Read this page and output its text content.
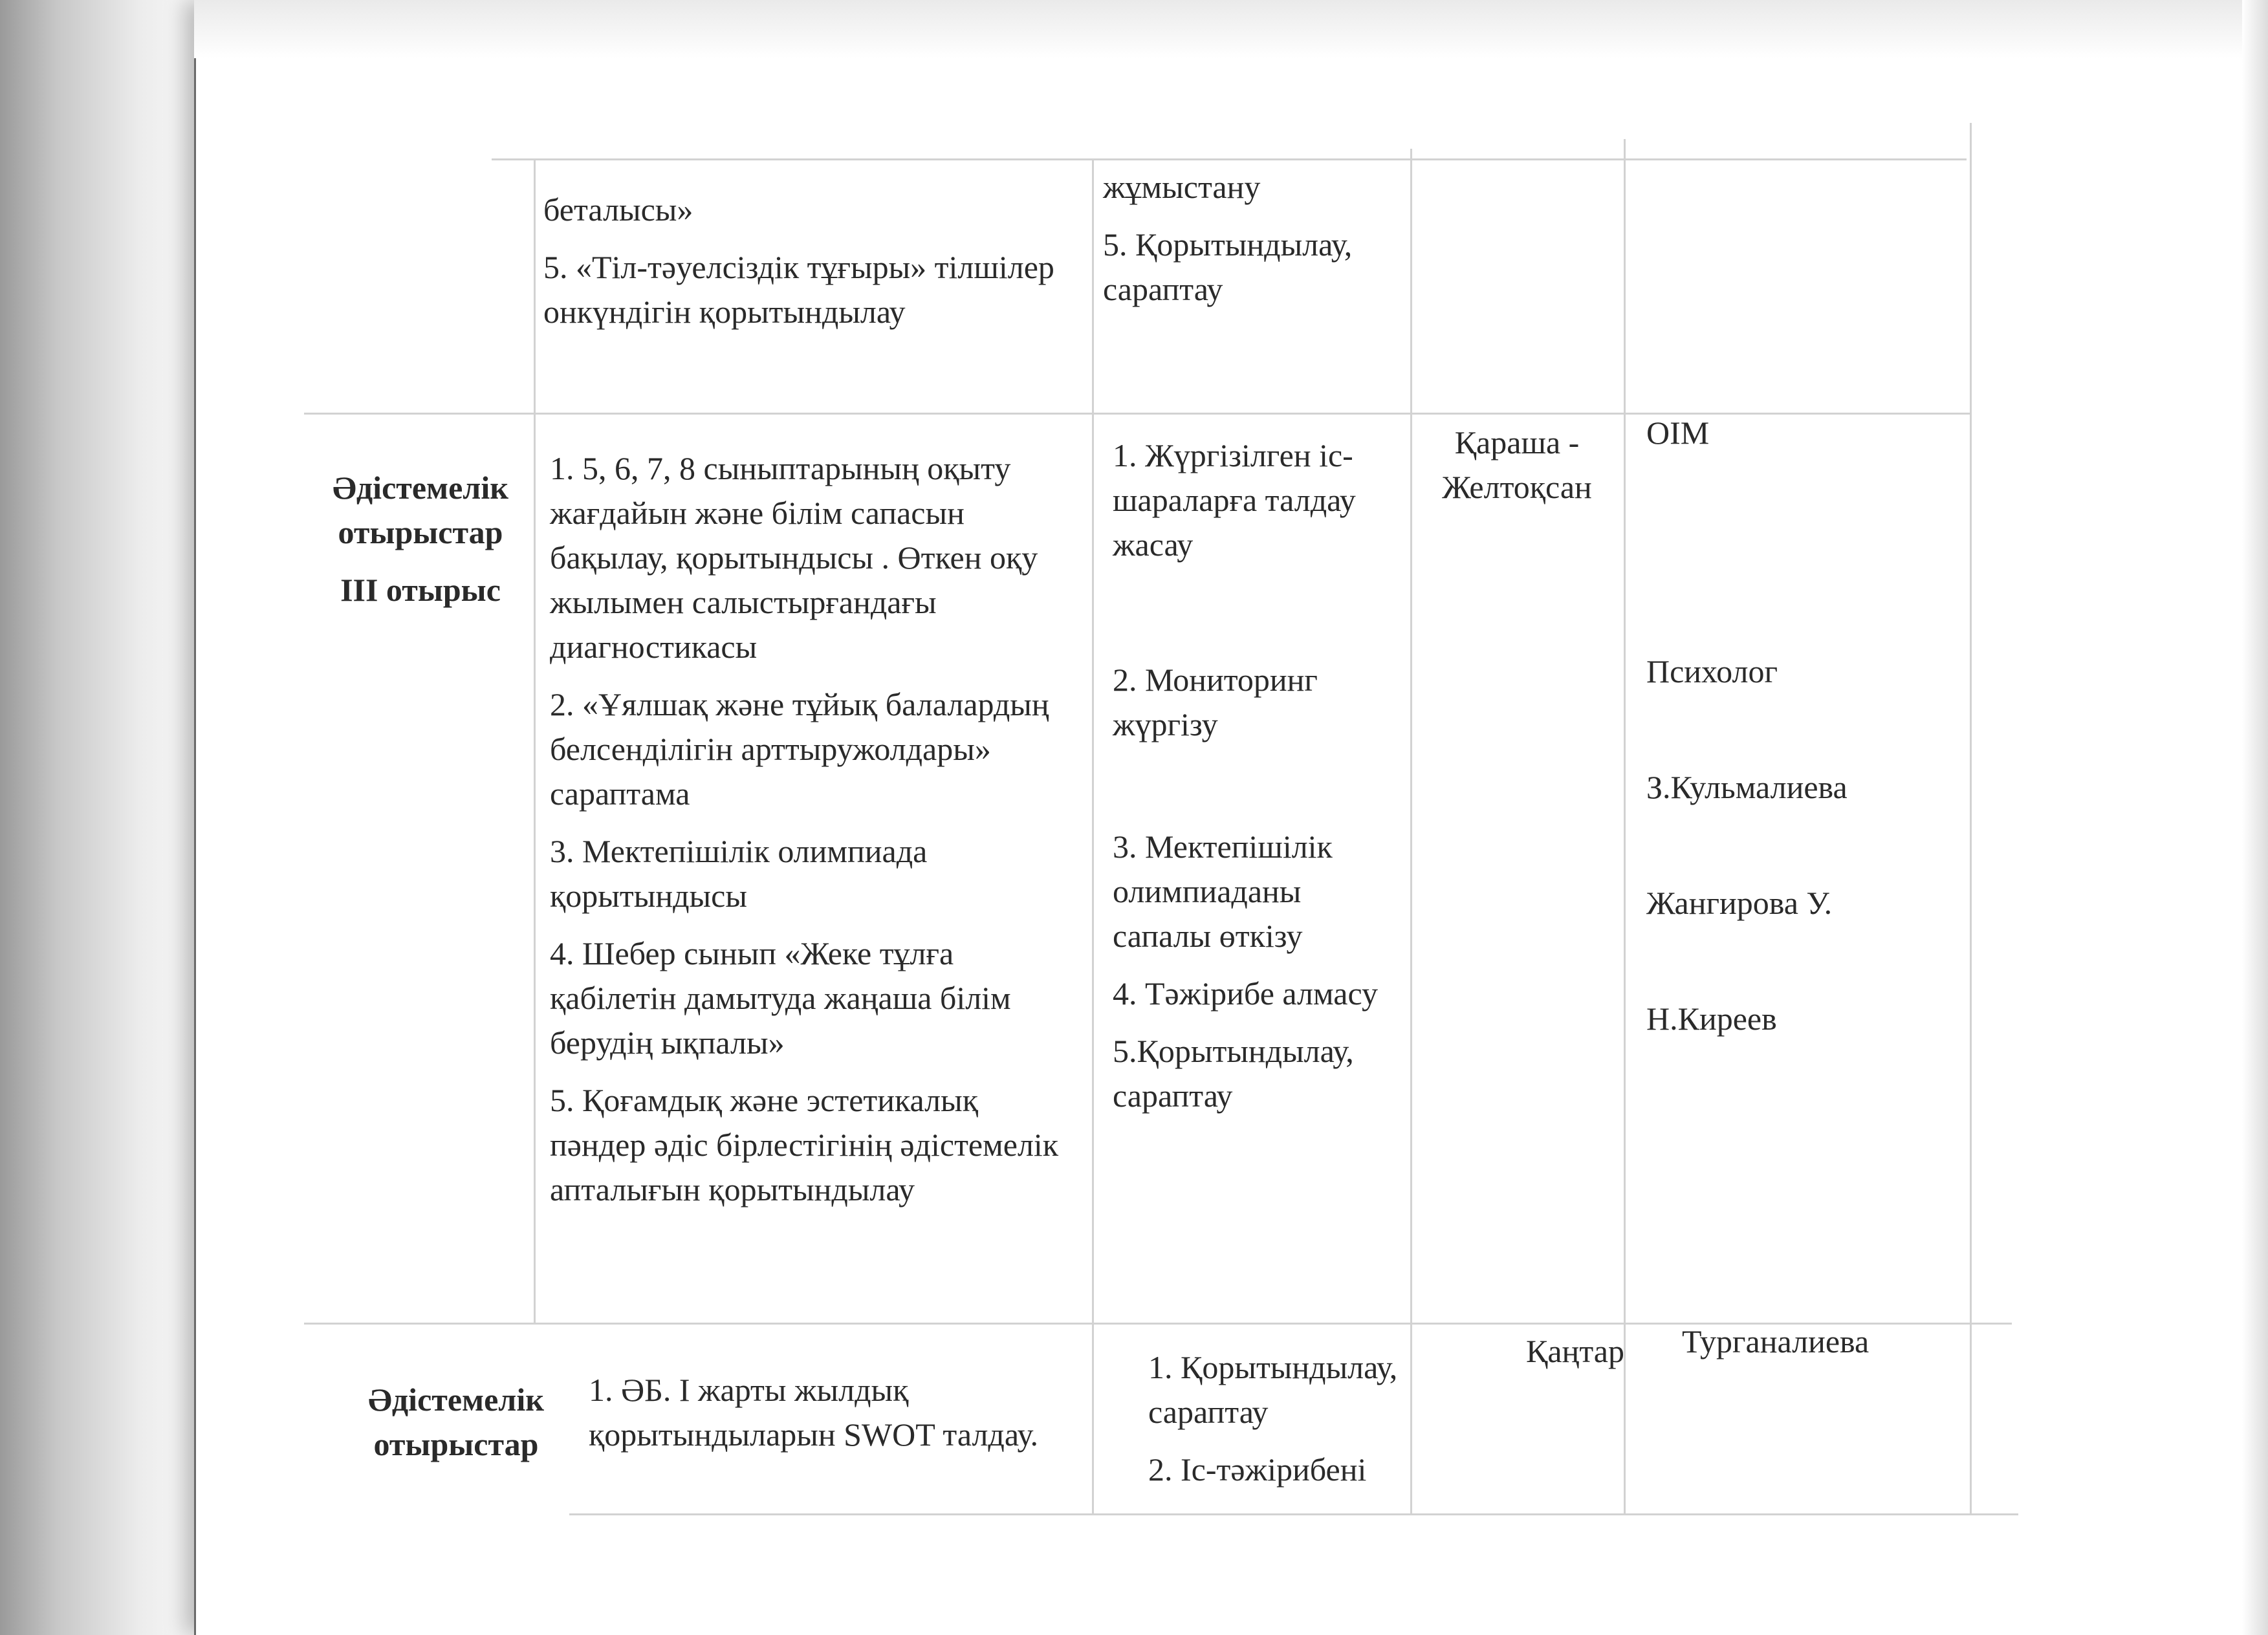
беталысы»

5. «Тіл-тәуелсіздік тұғыры» тілшілер онкүндігін қорытындылау

жұмыстану

5. Қорытындылау, сараптау

Әдістемелік отырыстар

III отырыс

1. 5, 6, 7, 8 сыныптарының оқыту жағдайын және білім сапасын бақылау, қорытындысы . Өткен оқу жылымен салыстырғандағы диагностикасы

2. «Ұялшақ және тұйық балалардың белсенділігін арттыружолдары» сараптама

3. Мектепішілік олимпиада қорытындысы

4. Шебер сынып «Жеке тұлға қабілетін дамытуда жаңаша білім берудің ықпалы»

5. Қоғамдық және эстетикалық пәндер әдіс бірлестігінің әдістемелік апталығын қорытындылау

1. Жүргізілген іс-шараларға талдау жасау

2. Мониторинг жүргізу

3. Мектепішілік олимпиаданы сапалы өткізу

4. Тәжірибе алмасу

5.Қорытындылау, сараптау

Қараша - Желтоқсан

ОІМ

Психолог

З.Кульмалиева

Жангирова У.

Н.Киреев

Әдістемелік отырыстар

1. ӘБ. І жарты жылдық қорытындыларын SWOT талдау.

1. Қорытындылау, сараптау

2. Іс-тәжірибені

Қаңтар	Турганалиева
